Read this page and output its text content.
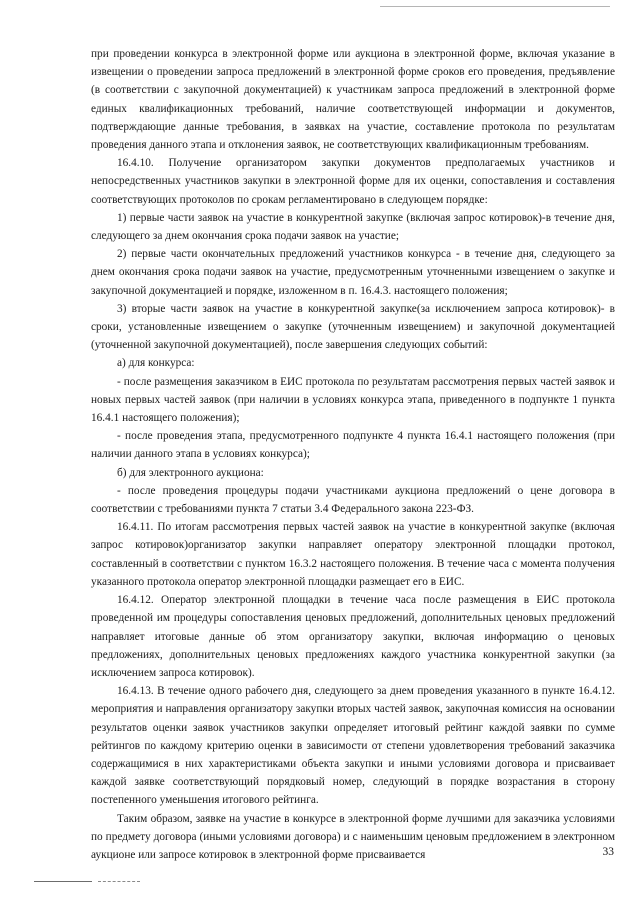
при проведении конкурса в электронной форме или аукциона в электронной форме, включая указание в извещении о проведении запроса предложений в электронной форме сроков его проведения, предъявление (в соответствии с закупочной документацией) к участникам запроса предложений в электронной форме единых квалификационных требований, наличие соответствующей информации и документов, подтверждающие данные требования, в заявках на участие, составление протокола по результатам проведения данного этапа и отклонения заявок, не соответствующих квалификационным требованиям.

16.4.10. Получение организатором закупки документов предполагаемых участников и непосредственных участников закупки в электронной форме для их оценки, сопоставления и составления соответствующих протоколов по срокам регламентировано в следующем порядке:

1) первые части заявок на участие в конкурентной закупке (включая запрос котировок)-в течение дня, следующего за днем окончания срока подачи заявок на участие;

2) первые части окончательных предложений участников конкурса - в течение дня, следующего за днем окончания срока подачи заявок на участие, предусмотренным уточненными извещением о закупке и закупочной документацией и порядке, изложенном в п. 16.4.3. настоящего положения;

3) вторые части заявок на участие в конкурентной закупке(за исключением запроса котировок)- в сроки, установленные извещением о закупке (уточненным извещением) и закупочной документацией (уточненной закупочной документацией), после завершения следующих событий:

а) для конкурса:

- после размещения заказчиком в ЕИС протокола по результатам рассмотрения первых частей заявок и новых первых частей заявок (при наличии в условиях конкурса этапа, приведенного в подпункте 1 пункта 16.4.1 настоящего положения);

- после проведения этапа, предусмотренного подпункте 4 пункта 16.4.1 настоящего положения (при наличии данного этапа в условиях конкурса);

б) для электронного аукциона:

- после проведения процедуры подачи участниками аукциона предложений о цене договора в соответствии с требованиями пункта 7 статьи 3.4 Федерального закона 223-ФЗ.

16.4.11. По итогам рассмотрения первых частей заявок на участие в конкурентной закупке (включая запрос котировок)организатор закупки направляет оператору электронной площадки протокол, составленный в соответствии с пунктом 16.3.2 настоящего положения. В течение часа с момента получения указанного протокола оператор электронной площадки размещает его в ЕИС.

16.4.12. Оператор электронной площадки в течение часа после размещения в ЕИС протокола проведенной им процедуры сопоставления ценовых предложений, дополнительных ценовых предложений направляет итоговые данные об этом организатору закупки, включая информацию о ценовых предложениях, дополнительных ценовых предложениях каждого участника конкурентной закупки (за исключением запроса котировок).

16.4.13. В течение одного рабочего дня, следующего за днем проведения указанного в пункте 16.4.12. мероприятия и направления организатору закупки вторых частей заявок, закупочная комиссия на основании результатов оценки заявок участников закупки определяет итоговый рейтинг каждой заявки по сумме рейтингов по каждому критерию оценки в зависимости от степени удовлетворения требований заказчика содержащимися в них характеристиками объекта закупки и иными условиями договора и присваивает каждой заявке соответствующий порядковый номер, следующий в порядке возрастания в сторону постепенного уменьшения итогового рейтинга.

Таким образом, заявке на участие в конкурсе в электронной форме лучшими для заказчика условиями по предмету договора (иными условиями договора) и с наименьшим ценовым предложением в электронном аукционе или запросе котировок в электронной форме присваивается	33
